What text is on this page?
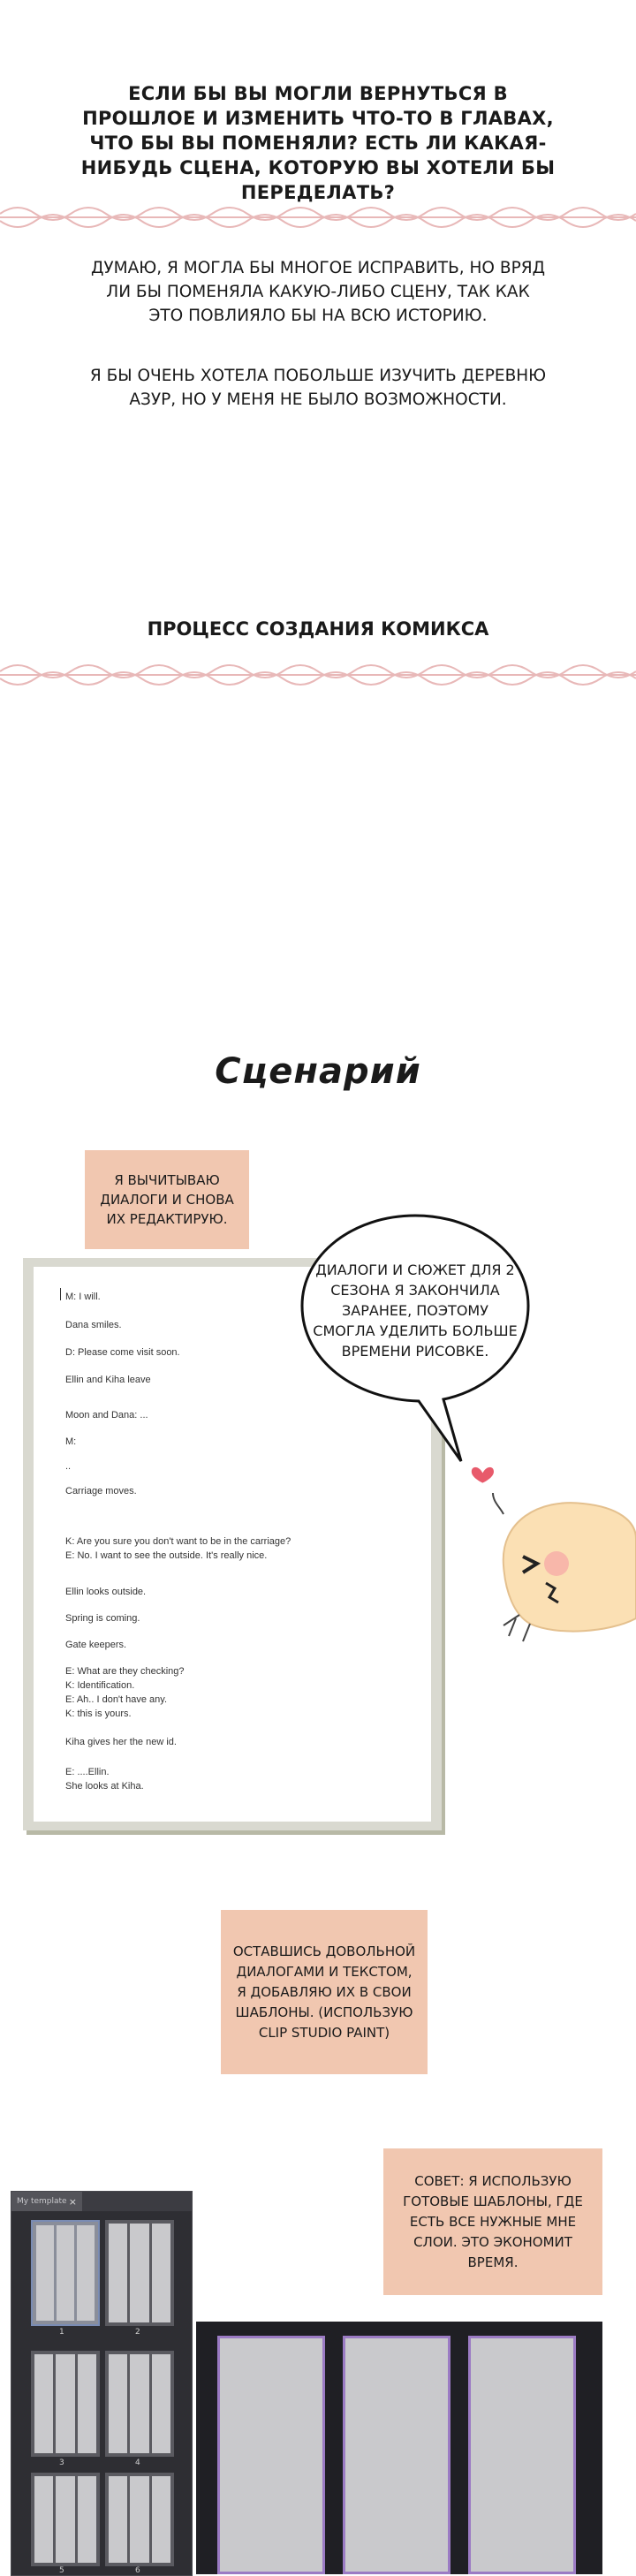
ЕСЛИ БЫ ВЫ МОГЛИ ВЕРНУТЬСЯ В ПРОШЛОЕ И ИЗМЕНИТЬ ЧТО-ТО В ГЛАВАХ, ЧТО БЫ ВЫ ПОМЕНЯЛИ? ЕСТЬ ЛИ КАКАЯ-НИБУДЬ СЦЕНА, КОТОРУЮ ВЫ ХОТЕЛИ БЫ ПЕРЕДЕЛАТЬ?
ДУМАЮ, Я МОГЛА БЫ МНОГОЕ ИСПРАВИТЬ, НО ВРЯД ЛИ БЫ ПОМЕНЯЛА КАКУЮ-ЛИБО СЦЕНУ, ТАК КАК ЭТО ПОВЛИЯЛО БЫ НА ВСЮ ИСТОРИЮ.
Я БЫ ОЧЕНЬ ХОТЕЛА ПОБОЛЬШЕ ИЗУЧИТЬ ДЕРЕВНЮ АЗУР, НО У МЕНЯ НЕ БЫЛО ВОЗМОЖНОСТИ.
ПРОЦЕСС СОЗДАНИЯ КОМИКСА
Сценарий
Я ВЫЧИТЫВАЮ ДИАЛОГИ И СНОВА ИХ РЕДАКТИРУЮ.
M: I will.
Dana smiles.
D: Please come visit soon.
Ellin and Kiha leave
Moon and Dana: ...
M:
..
Carriage moves.
K: Are you sure you don't want to be in the carriage?
E: No. I want to see the outside. It's really nice.
Ellin looks outside.
Spring is coming.
Gate keepers.
E: What are they checking?
K: Identification.
E: Ah.. I don't have any.
K: this is yours.
Kiha gives her the new id.
E: ....Ellin.
She looks at Kiha.
ДИАЛОГИ И СЮЖЕТ ДЛЯ 2 СЕЗОНА Я ЗАКОНЧИЛА ЗАРАНЕЕ, ПОЭТОМУ СМОГЛА УДЕЛИТЬ БОЛЬШЕ ВРЕМЕНИ РИСОВКЕ.
ОСТАВШИСЬ ДОВОЛЬНОЙ ДИАЛОГАМИ И ТЕКСТОМ, Я ДОБАВЛЯЮ ИХ В СВОИ ШАБЛОНЫ. (ИСПОЛЬЗУЮ CLIP STUDIO PAINT)
СОВЕТ: Я ИСПОЛЬЗУЮ ГОТОВЫЕ ШАБЛОНЫ, ГДЕ ЕСТЬ ВСЕ НУЖНЫЕ МНЕ СЛОИ. ЭТО ЭКОНОМИТ ВРЕМЯ.
My template ×
1	2
3	4
5	6
